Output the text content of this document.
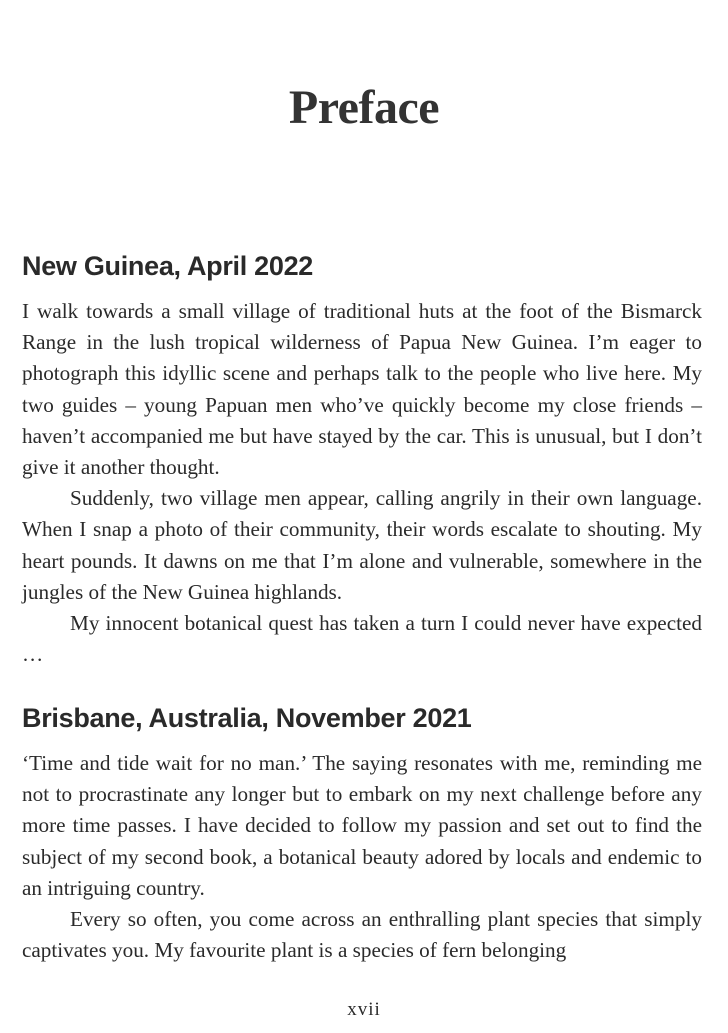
Preface
New Guinea, April 2022

I walk towards a small village of traditional huts at the foot of the Bismarck Range in the lush tropical wilderness of Papua New Guinea. I’m eager to photograph this idyllic scene and perhaps talk to the people who live here. My two guides – young Papuan men who’ve quickly become my close friends – haven’t accompanied me but have stayed by the car. This is unusual, but I don’t give it another thought.

Suddenly, two village men appear, calling angrily in their own language. When I snap a photo of their community, their words escalate to shouting. My heart pounds. It dawns on me that I’m alone and vulnerable, somewhere in the jungles of the New Guinea highlands.

My innocent botanical quest has taken a turn I could never have expected …

Brisbane, Australia, November 2021

‘Time and tide wait for no man.’ The saying resonates with me, reminding me not to procrastinate any longer but to embark on my next challenge before any more time passes. I have decided to follow my passion and set out to find the subject of my second book, a botanical beauty adored by locals and endemic to an intriguing country.

Every so often, you come across an enthralling plant species that simply captivates you. My favourite plant is a species of fern belonging

xvii
